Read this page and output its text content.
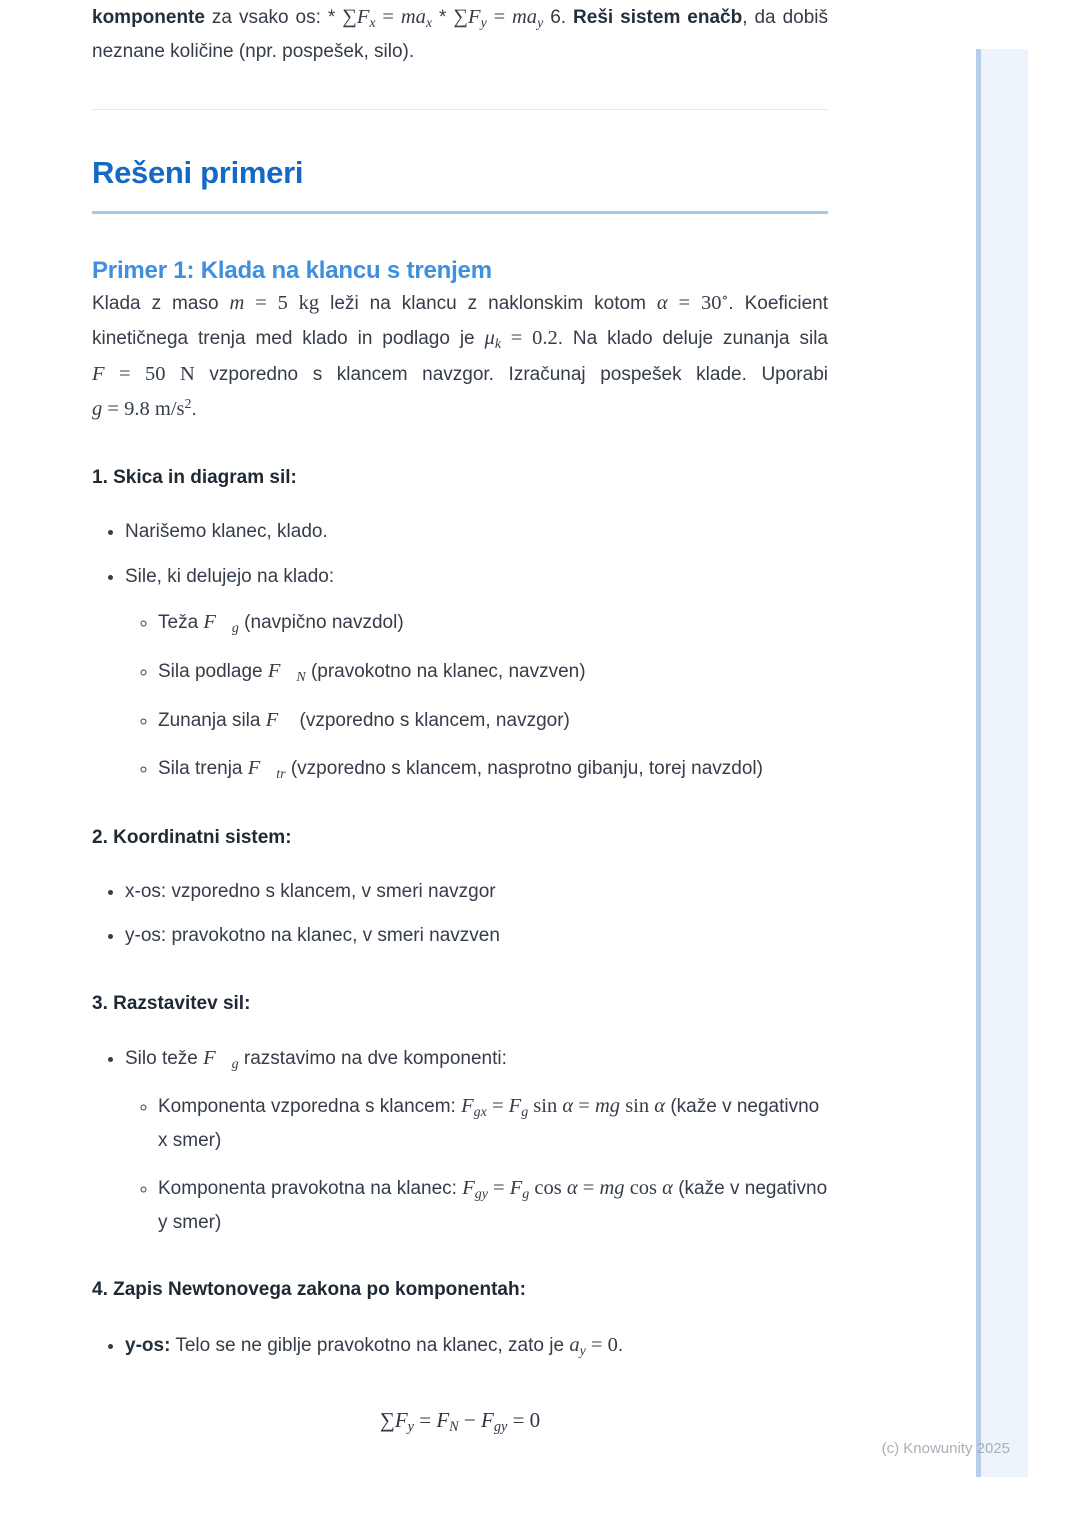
komponente za vsako os: * ∑Fx = max * ∑Fy = may 6. Reši sistem enačb, da dobiš neznane količine (npr. pospešek, silo).

Rešeni primeri
Primer 1: Klada na klancu s trenjem

Klada z maso m = 5 kg leži na klancu z naklonskim kotom α = 30∘. Koeficient kinetičnega trenja med klado in podlago je μk = 0.2. Na klado deluje zunanja sila F = 50 N vzporedno s klancem navzgor. Izračunaj pospešek klade. Uporabi g = 9.8 $m/s^2$.

1. Skica in diagram sil:
• Narišemo klanec, klado.
• Sile, ki delujejo na klado:
◦ Teža F⃗g (navpično navzdol)
◦ Sila podlage F⃗N (pravokotno na klanec, navzven)
◦ Zunanja sila F⃗ (vzporedno s klancem, navzgor)
◦ Sila trenja F⃗tr (vzporedno s klancem, nasprotno gibanju, torej navzdol)
2. Koordinatni sistem:
• x-os: vzporedno s klancem, v smeri navzgor
• y-os: pravokotno na klanec, v smeri navzven
3. Razstavitev sil:
• Silo teže F⃗g razstavimo na dve komponenti:
◦ Komponenta vzporedna s klancem: Fgx = Fg sin α = mg sin α (kaže v negativno x smer)
◦ Komponenta pravokotna na klanec: Fgy = Fg cos α = mg cos α (kaže v negativno y smer)
4. Zapis Newtonovega zakona po komponentah:
• y-os: Telo se ne giblje pravokotno na klanec, zato je ay = 0.
∑Fy = FN − Fgy = 0
(c) Knowunity 2025
